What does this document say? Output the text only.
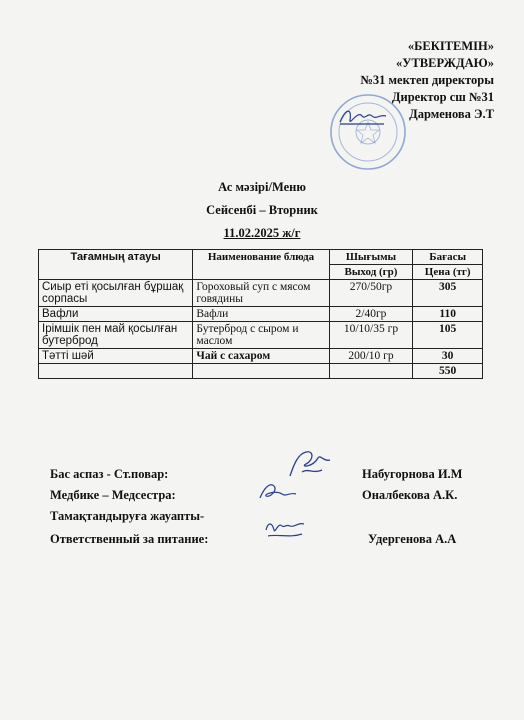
«БЕКІТЕМІН»
«УТВЕРЖДАЮ»
№31 мектеп директоры
Директор сш №31
Дарменова Э.Т
Ас мәзірі/Меню
Сейсенбі – Вторник
11.02.2025 ж/г
Тағамның атауы	Наименование блюда	Шығымы	Бағасы
		Выход (гр)	Цена (тг)
Сиыр еті қосылған бұршақ сорпасы	Гороховый суп с мясом говядины	270/50гр	305
Вафли	Вафли	2/40гр	110
Ірімшік пен май қосылған бутерброд	Бутерброд с сыром и маслом	10/10/35 гр	105
Тәтті шәй	Чай с сахаром	200/10 гр	30
			550
Бас аспаз - Ст.повар:	Набугорнова И.М
Медбике – Медсестра:	Оналбекова А.К.
Тамақтандыруға жауапты-
Ответственный за питание:	Удергенова А.А
